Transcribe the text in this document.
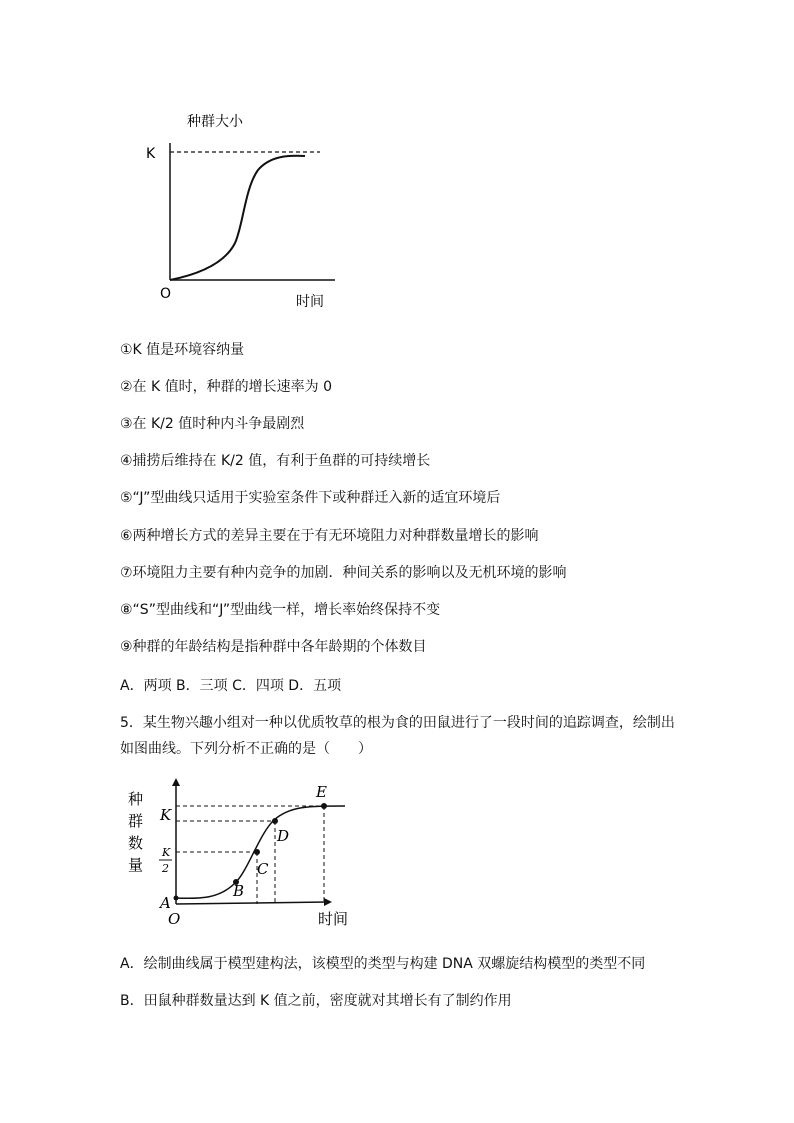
种群大小
K
O	时间
①K 值是环境容纳量
②在 K 值时，种群的增长速率为 0
③在 K/2 值时种内斗争最剧烈
④捕捞后维持在 K/2 值，有利于鱼群的可持续增长
⑤“J”型曲线只适用于实验室条件下或种群迁入新的适宜环境后
⑥两种增长方式的差异主要在于有无环境阻力对种群数量增长的影响
⑦环境阻力主要有种内竞争的加剧．种间关系的影响以及无机环境的影响
⑧“S”型曲线和“J”型曲线一样，增长率始终保持不变
⑨种群的年龄结构是指种群中各年龄期的个体数目
A．两项 B．三项 C．四项 D．五项
5．某生物兴趣小组对一种以优质牧草的根为食的田鼠进行了一段时间的追踪调查，绘制出如图曲线。下列分析不正确的是（　　）
种
群
数
量
K
K
2
A
B
C
D
E
O	时间
A．绘制曲线属于模型建构法，该模型的类型与构建 DNA 双螺旋结构模型的类型不同
B．田鼠种群数量达到 K 值之前，密度就对其增长有了制约作用
